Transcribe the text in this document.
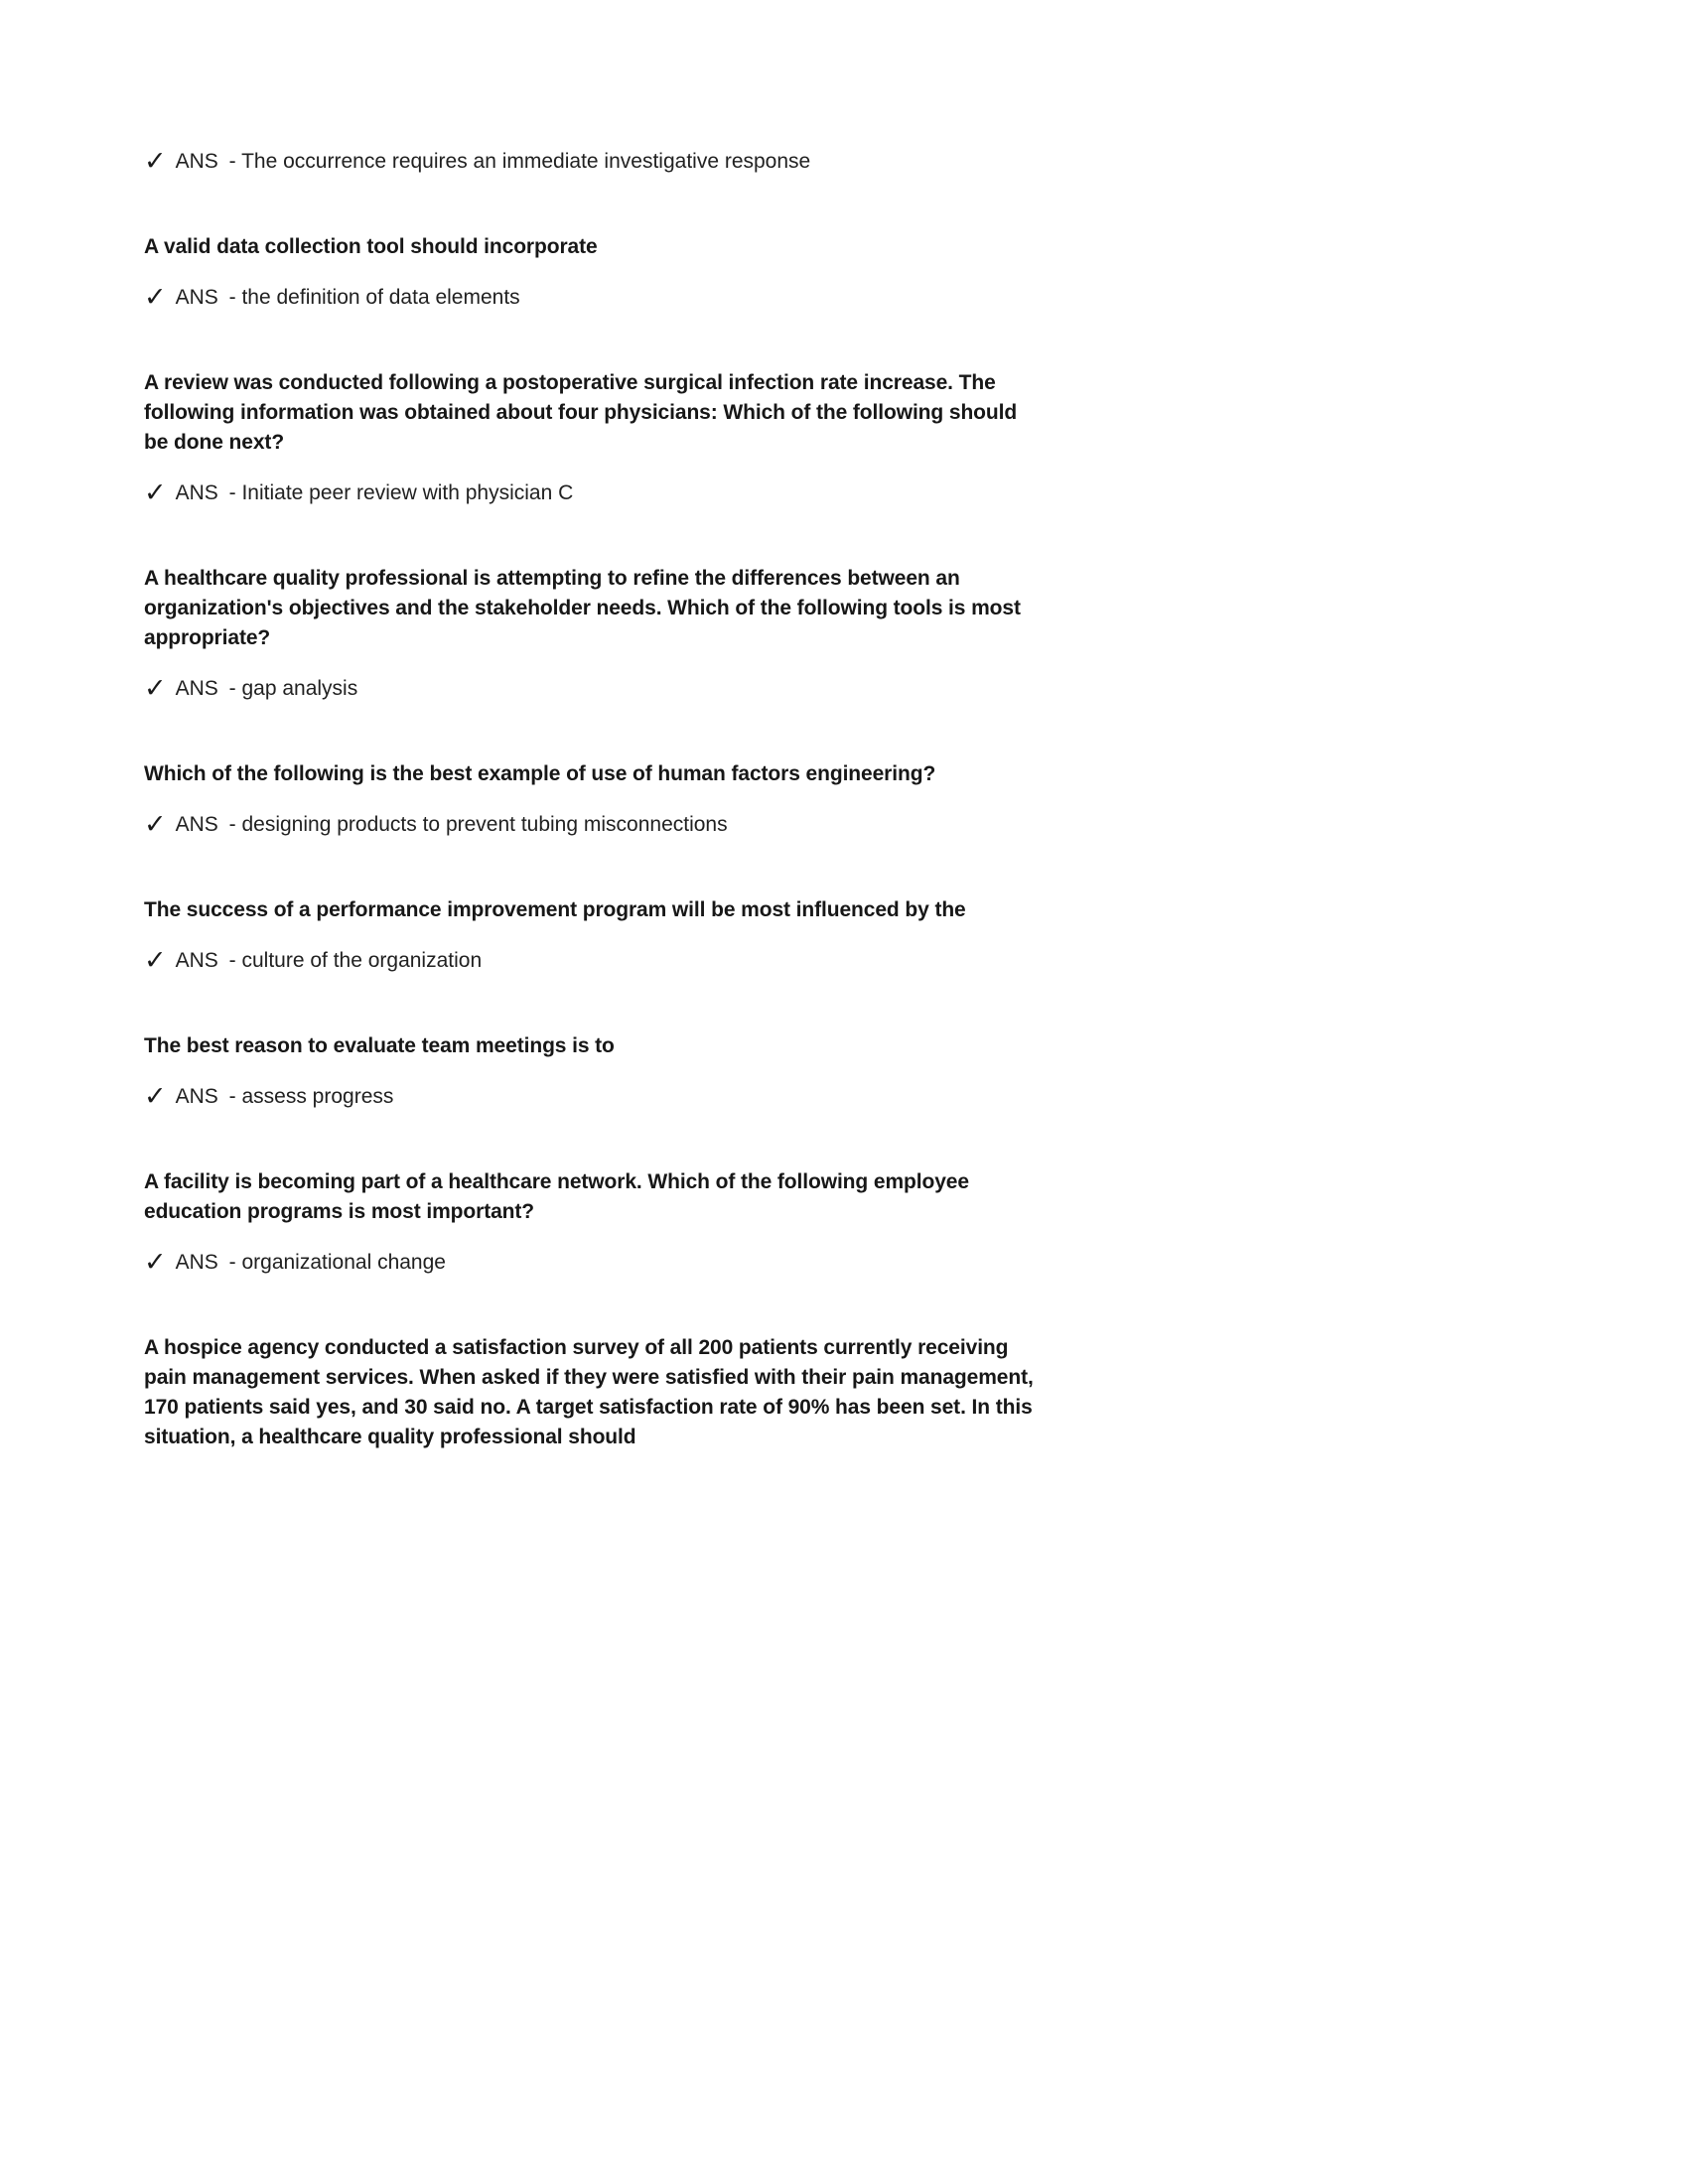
✓ ANS - The occurrence requires an immediate investigative response

A valid data collection tool should incorporate

✓ ANS - the definition of data elements

A review was conducted following a postoperative surgical infection rate increase. The following information was obtained about four physicians: Which of the following should be done next?

✓ ANS - Initiate peer review with physician C

A healthcare quality professional is attempting to refine the differences between an organization's objectives and the stakeholder needs. Which of the following tools is most appropriate?

✓ ANS - gap analysis

Which of the following is the best example of use of human factors engineering?

✓ ANS - designing products to prevent tubing misconnections

The success of a performance improvement program will be most influenced by the

✓ ANS - culture of the organization

The best reason to evaluate team meetings is to

✓ ANS - assess progress

A facility is becoming part of a healthcare network. Which of the following employee education programs is most important?

✓ ANS - organizational change

A hospice agency conducted a satisfaction survey of all 200 patients currently receiving pain management services. When asked if they were satisfied with their pain management, 170 patients said yes, and 30 said no. A target satisfaction rate of 90% has been set. In this situation, a healthcare quality professional should
